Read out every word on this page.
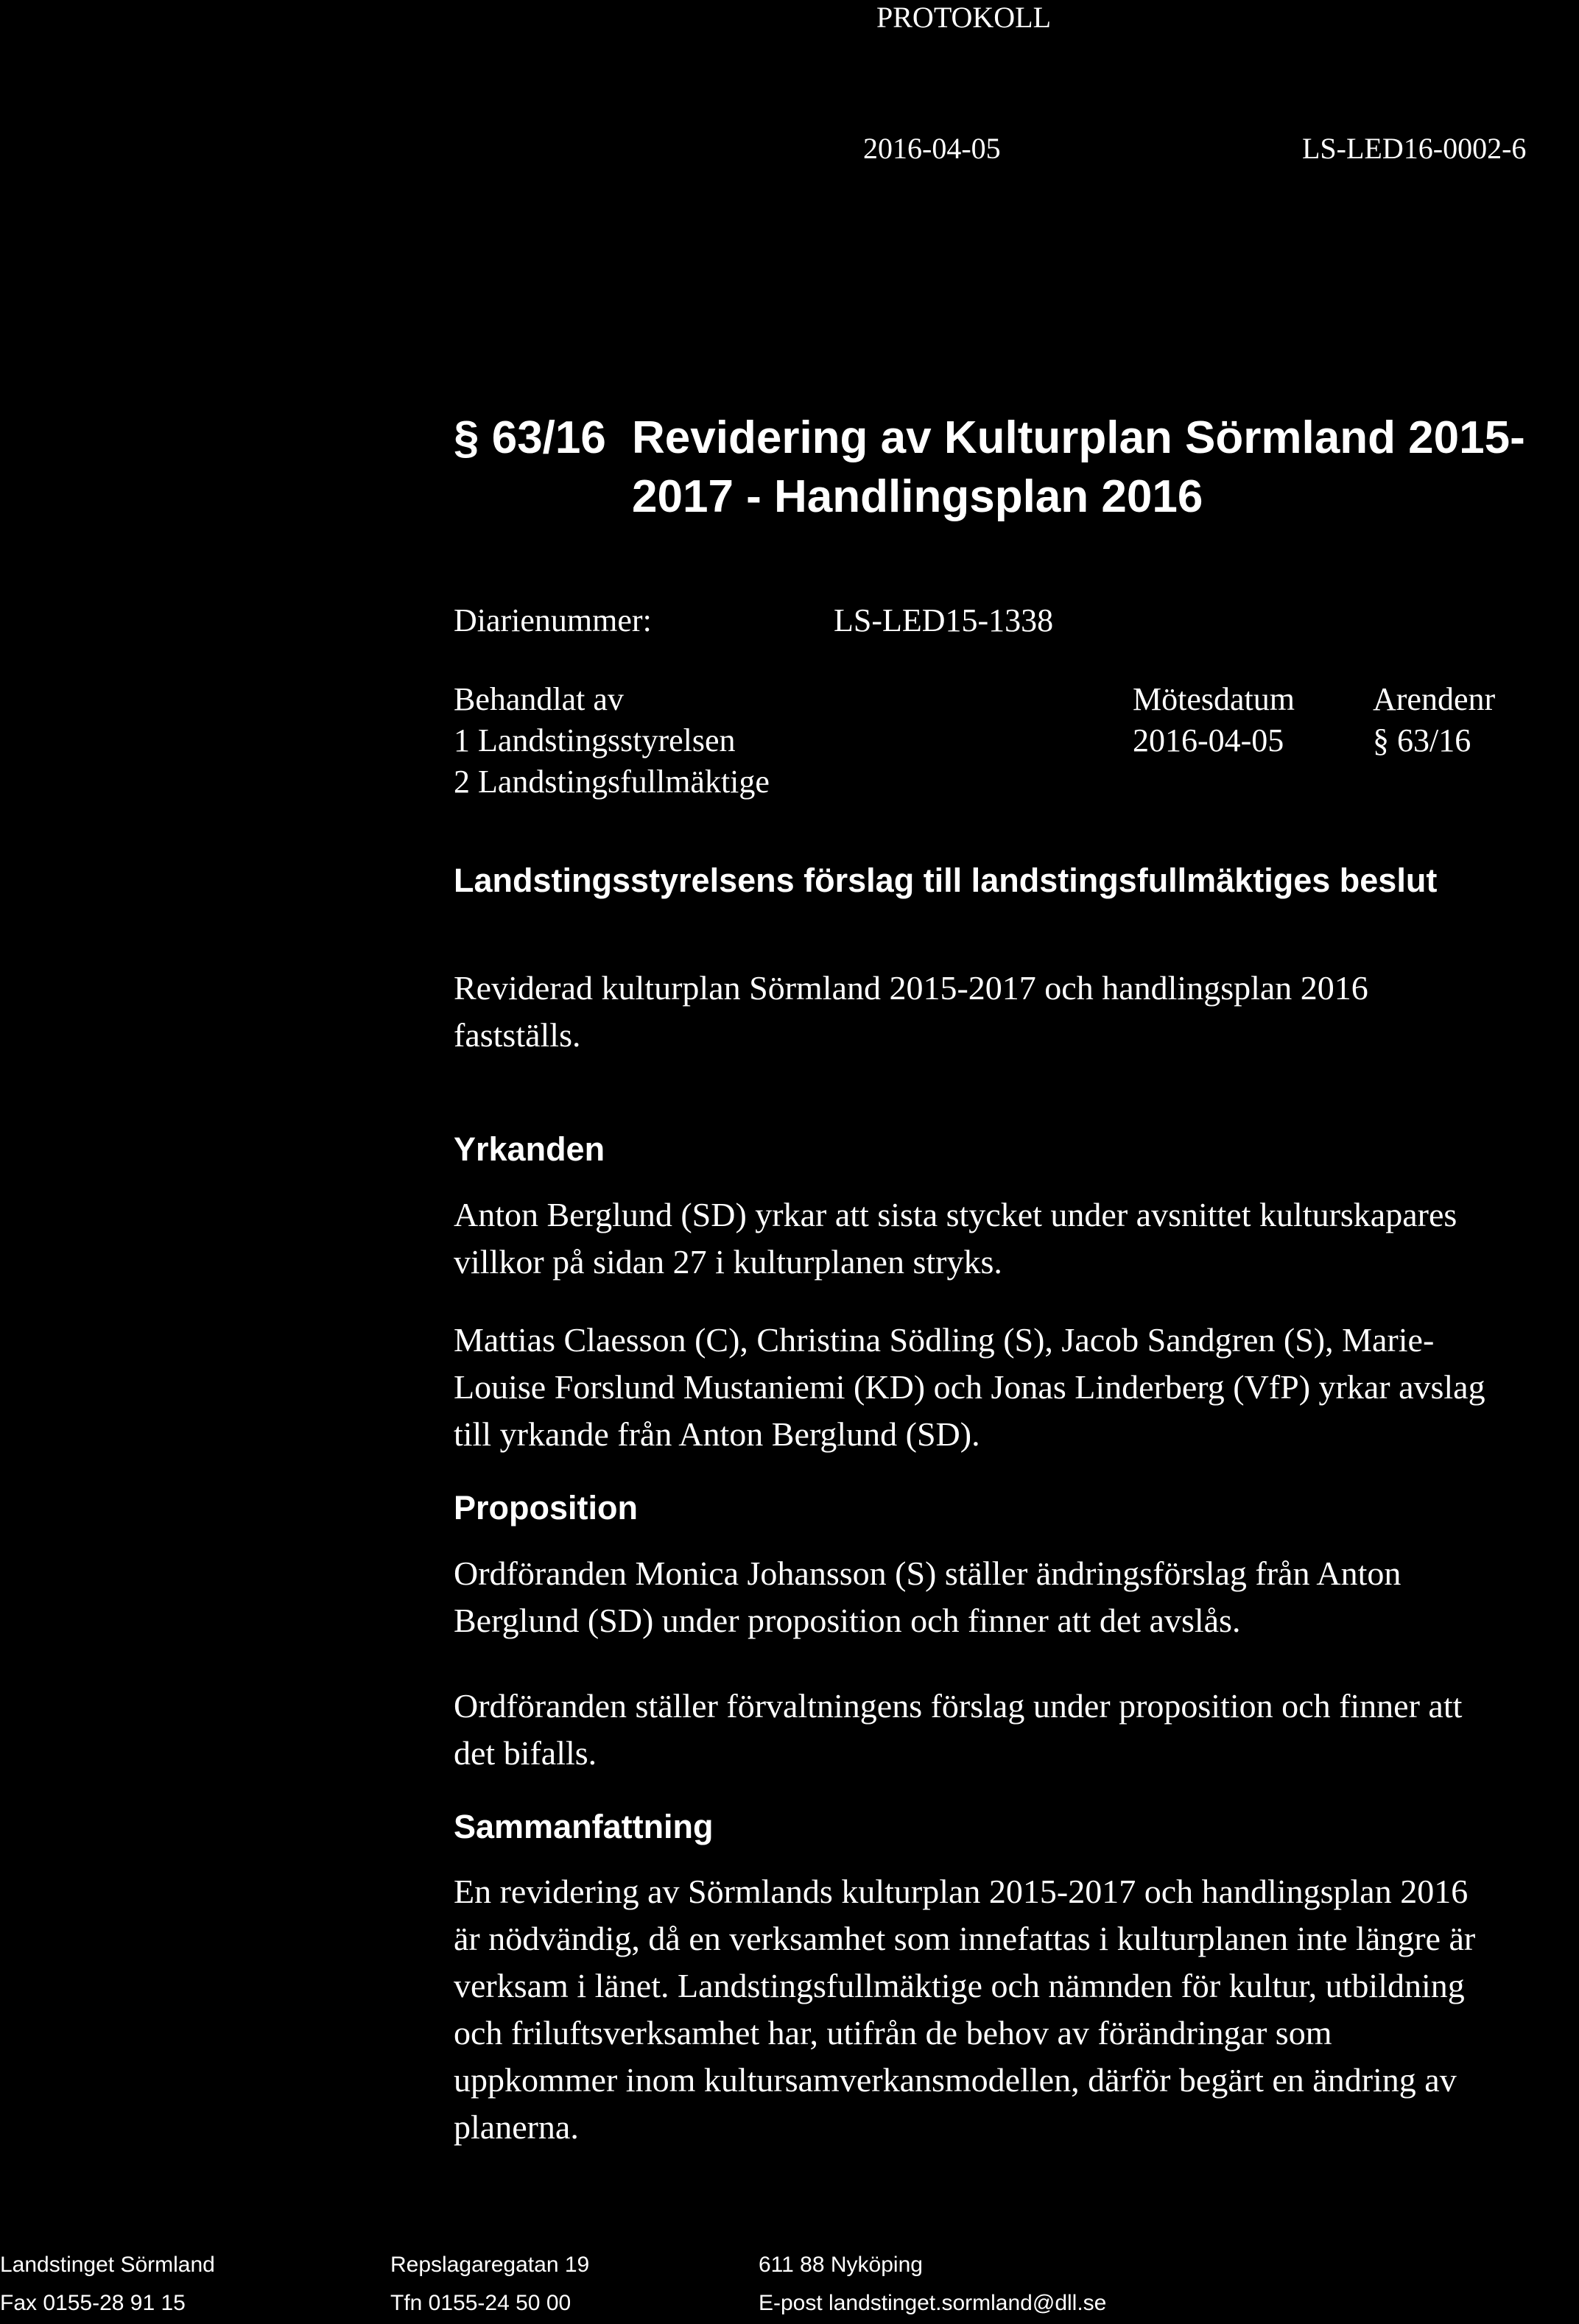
PROTOKOLL
2016-04-05	LS-LED16-0002-6
§ 63/16 Revidering av Kulturplan Sörmland 2015-
2017 - Handlingsplan 2016
Diarienummer:	LS-LED15-1338
Behandlat av
1 Landstingsstyrelsen
2 Landstingsfullmäktige
Mötesdatum
2016-04-05
Arendenr
§ 63/16
Landstingsstyrelsens förslag till landstingsfullmäktiges beslut
Reviderad kulturplan Sörmland 2015-2017 och handlingsplan 2016
fastställs.
Yrkanden
Anton Berglund (SD) yrkar att sista stycket under avsnittet kulturskapares
villkor på sidan 27 i kulturplanen stryks.
Mattias Claesson (C), Christina Södling (S), Jacob Sandgren (S), Marie-
Louise Forslund Mustaniemi (KD) och Jonas Linderberg (VfP) yrkar avslag
till yrkande från Anton Berglund (SD).
Proposition
Ordföranden Monica Johansson (S) ställer ändringsförslag från Anton
Berglund (SD) under proposition och finner att det avslås.
Ordföranden ställer förvaltningens förslag under proposition och finner att
det bifalls.
Sammanfattning
En revidering av Sörmlands kulturplan 2015-2017 och handlingsplan 2016
är nödvändig, då en verksamhet som innefattas i kulturplanen inte längre är
verksam i länet. Landstingsfullmäktige och nämnden för kultur, utbildning
och friluftsverksamhet har, utifrån de behov av förändringar som
uppkommer inom kultursamverkansmodellen, därför begärt en ändring av
planerna.
Landstinget Sörmland
Fax 0155-28 91 15
Repslagaregatan 19
Tfn 0155-24 50 00
611 88 Nyköping
E-post landstinget.sormland@dll.se
